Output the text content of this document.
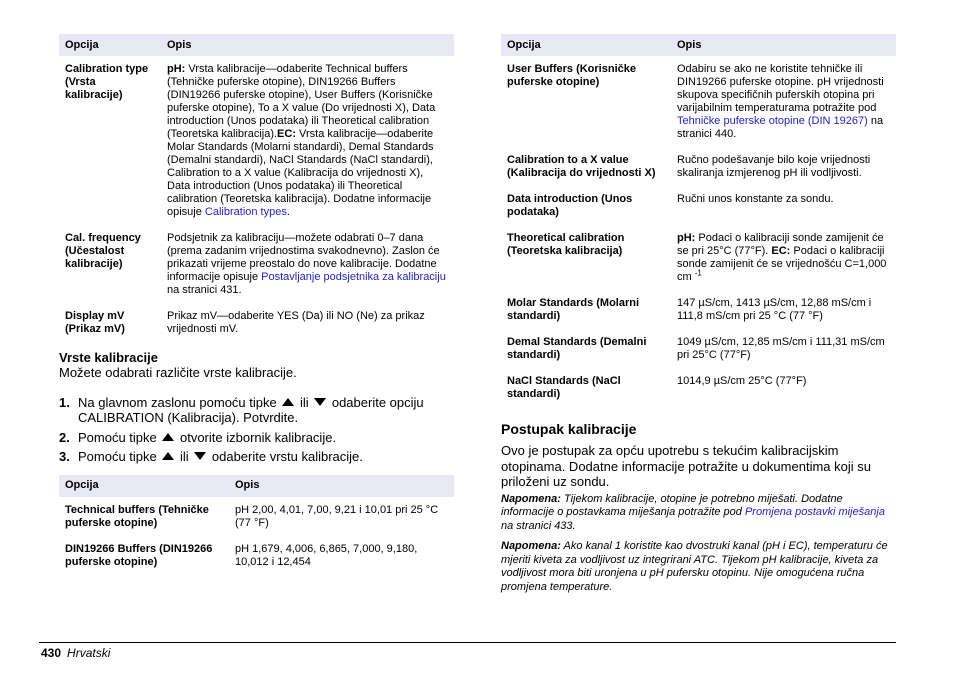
Opcija	Opis
Calibration type (Vrsta kalibracije)	pH: Vrsta kalibracije—odaberite Technical buffers (Tehničke puferske otopine), DIN19266 Buffers (DIN19266 puferske otopine), User Buffers (Korisničke puferske otopine), To a X value (Do vrijednosti X), Data introduction (Unos podataka) ili Theoretical calibration (Teoretska kalibracija).EC: Vrsta kalibracije—odaberite Molar Standards (Molarni standardi), Demal Standards (Demalni standardi), NaCl Standards (NaCl standardi), Calibration to a X value (Kalibracija do vrijednosti X), Data introduction (Unos podataka) ili Theoretical calibration (Teoretska kalibracija). Dodatne informacije opisuje Calibration types.
Cal. frequency (Učestalost kalibracije)	Podsjetnik za kalibraciju—možete odabrati 0–7 dana (prema zadanim vrijednostima svakodnevno). Zaslon će prikazati vrijeme preostalo do nove kalibracije. Dodatne informacije opisuje Postavljanje podsjetnika za kalibraciju na stranici 431.
Display mV (Prikaz mV)	Prikaz mV—odaberite YES (Da) ili NO (Ne) za prikaz vrijednosti mV.
Vrste kalibracije
Možete odabrati različite vrste kalibracije.
1. Na glavnom zaslonu pomoću tipke  ili  odaberite opciju CALIBRATION (Kalibracija). Potvrdite.
2. Pomoću tipke  otvorite izbornik kalibracije.
3. Pomoću tipke  ili  odaberite vrstu kalibracije.
Opcija	Opis
Technical buffers (Tehničke puferske otopine)	pH 2,00, 4,01, 7,00, 9,21 i 10,01 pri 25 °C (77 °F)
DIN19266 Buffers (DIN19266 puferske otopine)	pH 1,679, 4,006, 6,865, 7,000, 9,180, 10,012 i 12,454
Opcija	Opis
User Buffers (Korisničke puferske otopine)	Odabiru se ako ne koristite tehničke ili DIN19266 puferske otopine. pH vrijednosti skupova specifičnih puferskih otopina pri varijabilnim temperaturama potražite pod Tehničke puferske otopine (DIN 19267) na stranici 440.
Calibration to a X value (Kalibracija do vrijednosti X)	Ručno podešavanje bilo koje vrijednosti skaliranja izmjerenog pH ili vodljivosti.
Data introduction (Unos podataka)	Ručni unos konstante za sondu.
Theoretical calibration (Teoretska kalibracija)	pH: Podaci o kalibraciji sonde zamijenit će se pri 25°C (77°F). EC: Podaci o kalibraciji sonde zamijenit će se vrijednošću C=1,000 cm $^{-1}$
Molar Standards (Molarni standardi)	147 µS/cm, 1413 µS/cm, 12,88 mS/cm i 111,8 mS/cm pri 25 °C (77 °F)
Demal Standards (Demalni standardi)	1049 µS/cm, 12,85 mS/cm i 111,31 mS/cm pri 25°C (77°F)
NaCl Standards (NaCl standardi)	1014,9 µS/cm 25°C (77°F)
Postupak kalibracije
Ovo je postupak za opću upotrebu s tekućim kalibracijskim otopinama. Dodatne informacije potražite u dokumentima koji su priloženi uz sondu.
Napomena: Tijekom kalibracije, otopine je potrebno miješati. Dodatne informacije o postavkama miješanja potražite pod Promjena postavki miješanja
na stranici 433.
Napomena: Ako kanal 1 koristite kao dvostruki kanal (pH i EC), temperaturu će mjeriti kiveta za vodljivost uz integrirani ATC. Tijekom pH kalibracije, kiveta za vodljivost mora biti uronjena u pH pufersku otopinu. Nije omogućena ručna promjena temperature.
430 Hrvatski
